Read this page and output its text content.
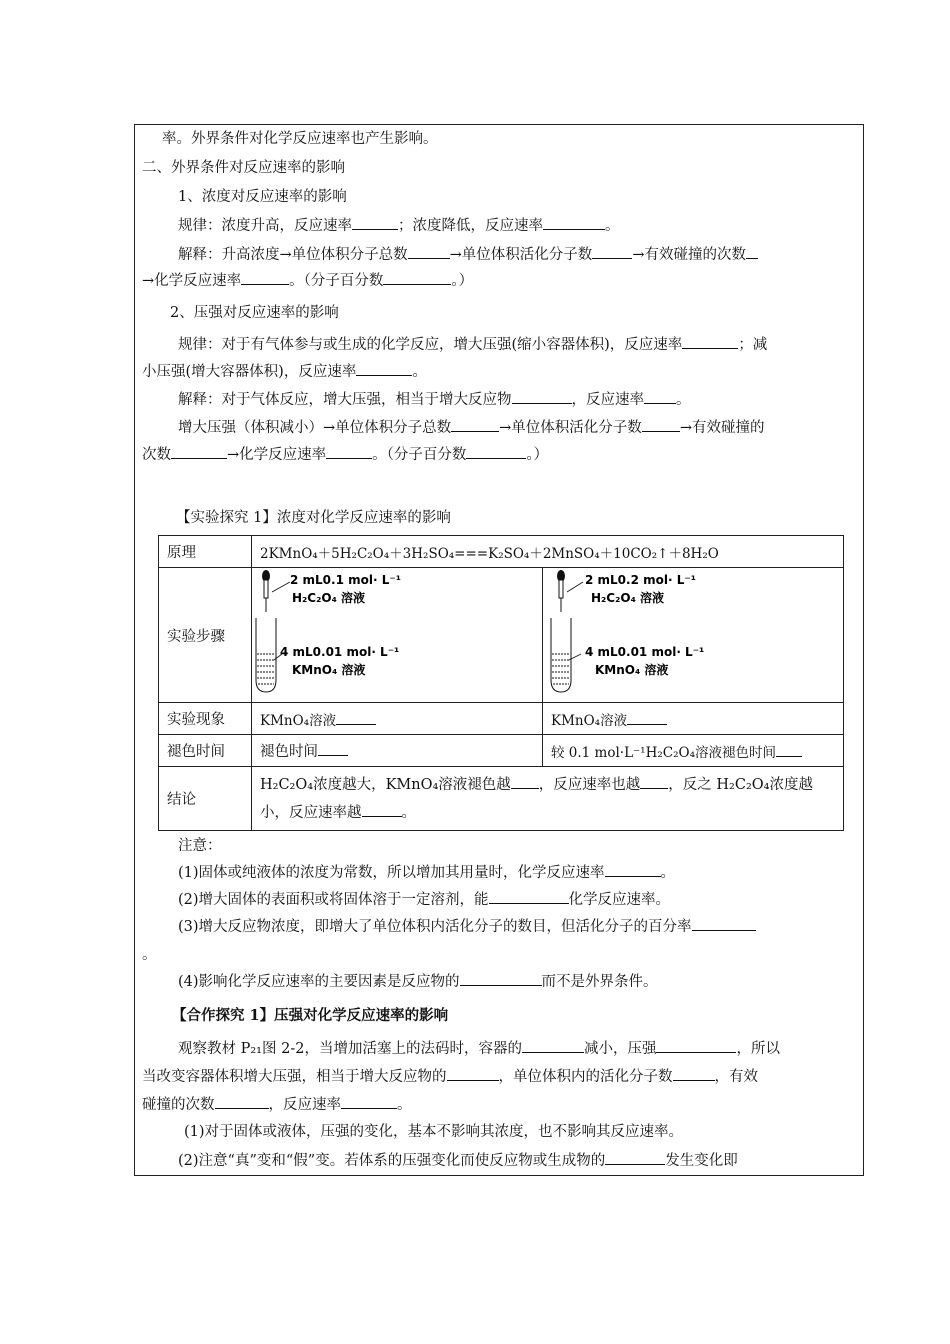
率。外界条件对化学反应速率也产生影响。
二、外界条件对反应速率的影响
1、浓度对反应速率的影响
规律：浓度升高，反应速率	；浓度降低，反应速率	。
解释：升高浓度→单位体积分子总数	→单位体积活化分子数	→有效碰撞的次数
→化学反应速率	。（分子百分数	。）
2、压强对反应速率的影响
规律：对于有气体参与或生成的化学反应，增大压强(缩小容器体积)，反应速率	；减
小压强(增大容器体积)，反应速率	。
解释：对于气体反应，增大压强，相当于增大反应物	，反应速率 。
增大压强（体积减小）→单位体积分子总数	→单位体积活化分子数	→有效碰撞的
次数	→化学反应速率	。（分子百分数	。）
【实验探究 1】浓度对化学反应速率的影响
原理	2KMnO₄＋5H₂C₂O₄＋3H₂SO₄===K₂SO₄＋2MnSO₄＋10CO₂↑＋8H₂O	
实验步骤	2 mL0.1 mol· L⁻¹
H₂C₂O₄ 溶液
4 mL0.01 mol· L⁻¹
KMnO₄ 溶液	2 mL0.2 mol· L⁻¹
H₂C₂O₄ 溶液
4 mL0.01 mol· L⁻¹
KMnO₄ 溶液

实验现象	KMnO₄溶液	KMnO₄溶液
褪色时间	褪色时间	较 0.1 mol·L⁻¹H₂C₂O₄溶液褪色时间
结论	H₂C₂O₄浓度越大，KMnO₄溶液褪色越 ，反应速率也越 ，反之 H₂C₂O₄浓度越
小，反应速率越 。	
注意：
(1)固体或纯液体的浓度为常数，所以增加其用量时，化学反应速率	。
(2)增大固体的表面积或将固体溶于一定溶剂，能	化学反应速率。
(3)增大反应物浓度，即增大了单位体积内活化分子的数目，但活化分子的百分率
。
(4)影响化学反应速率的主要因素是反应物的	而不是外界条件。
【合作探究 1】压强对化学反应速率的影响
观察教材 P₂₁图 2-2，当增加活塞上的法码时，容器的	减小，压强	，所以
当改变容器体积增大压强，相当于增大反应物的	，单位体积内的活化分子数	，有效
碰撞的次数	，反应速率	。
(1)对于固体或液体，压强的变化，基本不影响其浓度，也不影响其反应速率。
(2)注意“真”变和“假”变。若体系的压强变化而使反应物或生成物的	发生变化即
